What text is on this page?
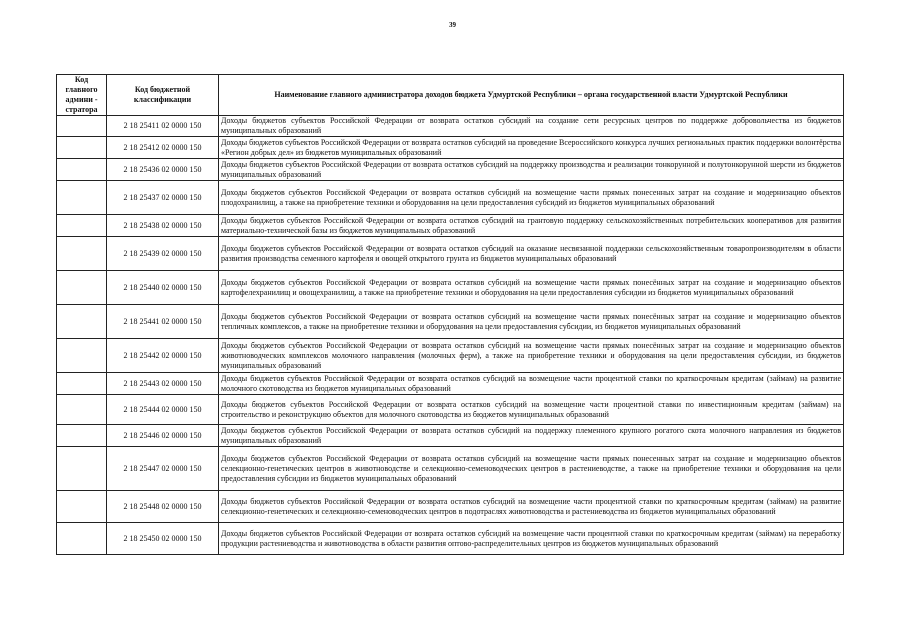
39
Код главного админи - стратора	Код бюджетной классификации	Наименование главного администратора доходов бюджета Удмуртской Республики – органа государственной власти Удмуртской Республики
	2 18 25411 02 0000 150	Доходы бюджетов субъектов Российской Федерации от возврата остатков субсидий на создание сети ресурсных центров по поддержке добровольчества из бюджетов муниципальных образований
	2 18 25412 02 0000 150	Доходы бюджетов субъектов Российской Федерации от возврата остатков субсидий на проведение Всероссийского конкурса лучших региональных практик поддержки волонтёрства «Регион добрых дел» из бюджетов муниципальных образований
	2 18 25436 02 0000 150	Доходы бюджетов субъектов Российской Федерации от возврата остатков субсидий на поддержку производства и реализации тонкорунной и полутонкорунной шерсти из бюджетов муниципальных образований
	2 18 25437 02 0000 150	Доходы бюджетов субъектов Российской Федерации от возврата остатков субсидий на возмещение части прямых понесенных затрат на создание и модернизацию объектов плодохранилищ, а также на приобретение техники и оборудования на цели предоставления субсидий из бюджетов муниципальных образований
	2 18 25438 02 0000 150	Доходы бюджетов субъектов Российской Федерации от возврата остатков субсидий на грантовую поддержку сельскохозяйственных потребительских кооперативов для развития материально-технической базы из бюджетов муниципальных образований
	2 18 25439 02 0000 150	Доходы бюджетов субъектов Российской Федерации от возврата остатков субсидий на оказание несвязанной поддержки сельскохозяйственным товаропроизводителям в области развития производства семенного картофеля и овощей открытого грунта из бюджетов муниципальных образований
	2 18 25440 02 0000 150	Доходы бюджетов субъектов Российской Федерации от возврата остатков субсидий на возмещение части прямых понесённых затрат на создание и модернизацию объектов картофелехранилищ и овощехранилищ, а также на приобретение техники и оборудования на цели предоставления субсидии из бюджетов муниципальных образований
	2 18 25441 02 0000 150	Доходы бюджетов субъектов Российской Федерации от возврата остатков субсидий на возмещение части прямых понесённых затрат на создание и модернизацию объектов тепличных комплексов, а также на приобретение техники и оборудования на цели предоставления субсидии, из бюджетов муниципальных образований
	2 18 25442 02 0000 150	Доходы бюджетов субъектов Российской Федерации от возврата остатков субсидий на возмещение части прямых понесённых затрат на создание и модернизацию объектов животноводческих комплексов молочного направления (молочных ферм), а также на приобретение техники и оборудования на цели предоставления субсидии, из бюджетов муниципальных образований
	2 18 25443 02 0000 150	Доходы бюджетов субъектов Российской Федерации от возврата остатков субсидий на возмещение части процентной ставки по краткосрочным кредитам (займам) на развитие молочного скотоводства из бюджетов муниципальных образований
	2 18 25444 02 0000 150	Доходы бюджетов субъектов Российской Федерации от возврата остатков субсидий на возмещение части процентной ставки по инвестиционным кредитам (займам) на строительство и реконструкцию объектов для молочного скотоводства из бюджетов муниципальных образований
	2 18 25446 02 0000 150	Доходы бюджетов субъектов Российской Федерации от возврата остатков субсидий на поддержку племенного крупного рогатого скота молочного направления из бюджетов муниципальных образований
	2 18 25447 02 0000 150	Доходы бюджетов субъектов Российской Федерации от возврата остатков субсидий на возмещение части прямых понесенных затрат на создание и модернизацию объектов селекционно-генетических центров в животноводстве и селекционно-семеноводческих центров в растениеводстве, а также на приобретение техники и оборудования на цели предоставления субсидии из бюджетов муниципальных образований
	2 18 25448 02 0000 150	Доходы бюджетов субъектов Российской Федерации от возврата остатков субсидий на возмещение части процентной ставки по краткосрочным кредитам (займам) на развитие селекционно-генетических и селекционно-семеноводческих центров в подотраслях животноводства и растениеводства из бюджетов муниципальных образований
	2 18 25450 02 0000 150	Доходы бюджетов субъектов Российской Федерации от возврата остатков субсидий на возмещение части процентной ставки по краткосрочным кредитам (займам) на переработку продукции растениеводства и животноводства в области развития оптово-распределительных центров из бюджетов муниципальных образований
